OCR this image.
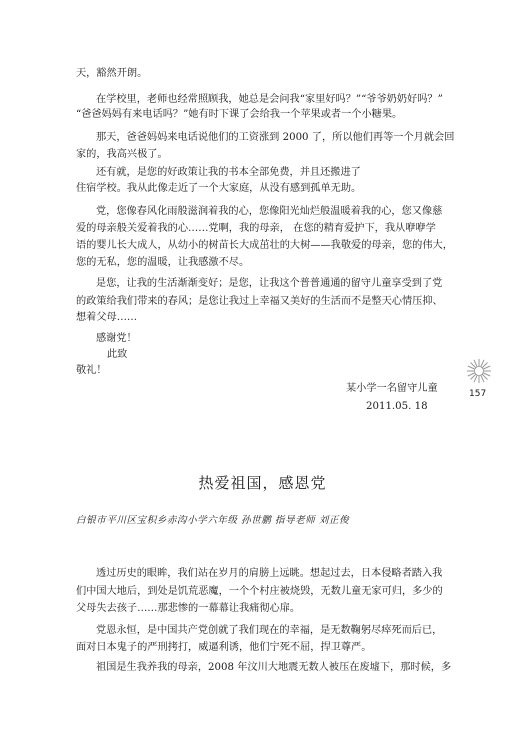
天，豁然开朗。
在学校里，老师也经常照顾我，她总是会问我“家里好吗？”“爷爷奶奶好吗？”
“爸爸妈妈有来电话吗？”她有时下课了会给我一个苹果或者一个小糖果。
那天，爸爸妈妈来电话说他们的工资涨到 2000 了，所以他们再等一个月就会回
家的，我高兴极了。
还有就，是您的好政策让我的书本全部免费，并且还搬进了
住宿学校。我从此像走近了一个大家庭，从没有感到孤单无助。
党，您像春风化雨般滋润着我的心，您像阳光灿烂般温暖着我的心，您又像慈
爱的母亲般关爱着我的心……党啊，我的母亲， 在您的精育爱护下，我从咿咿学
语的婴儿长大成人，从幼小的树苗长大成茁壮的大树——我敬爱的母亲，您的伟大，
您的无私，您的温暖，让我感激不尽。
是您，让我的生活渐渐变好；是您，让我这个普普通通的留守儿童享受到了党
的政策给我们带来的春风；是您让我过上幸福又美好的生活而不是整天心情压抑、
想着父母……
感谢党！
此致
敬礼！
某小学一名留守儿童
2011.05. 18
157
热爱祖国，感恩党
白银市平川区宝积乡赤沟小学六年级 孙世鹏 指导老师 刘正俊
透过历史的眼眸，我们站在岁月的肩膀上远眺。想起过去，日本侵略者踏入我
们中国大地后，到处是饥荒恶魔，一个个村庄被烧毁，无数儿童无家可归，多少的
父母失去孩子……那悲惨的一幕幕让我痛彻心扉。
党恩永恒，是中国共产党创就了我们现在的幸福，是无数鞠躬尽瘁死而后已，
面对日本鬼子的严刑拷打，威逼利诱，他们宁死不屈，捍卫尊严。
祖国是生我养我的母亲，2008 年汶川大地震无数人被压在废墟下，那时候，多
